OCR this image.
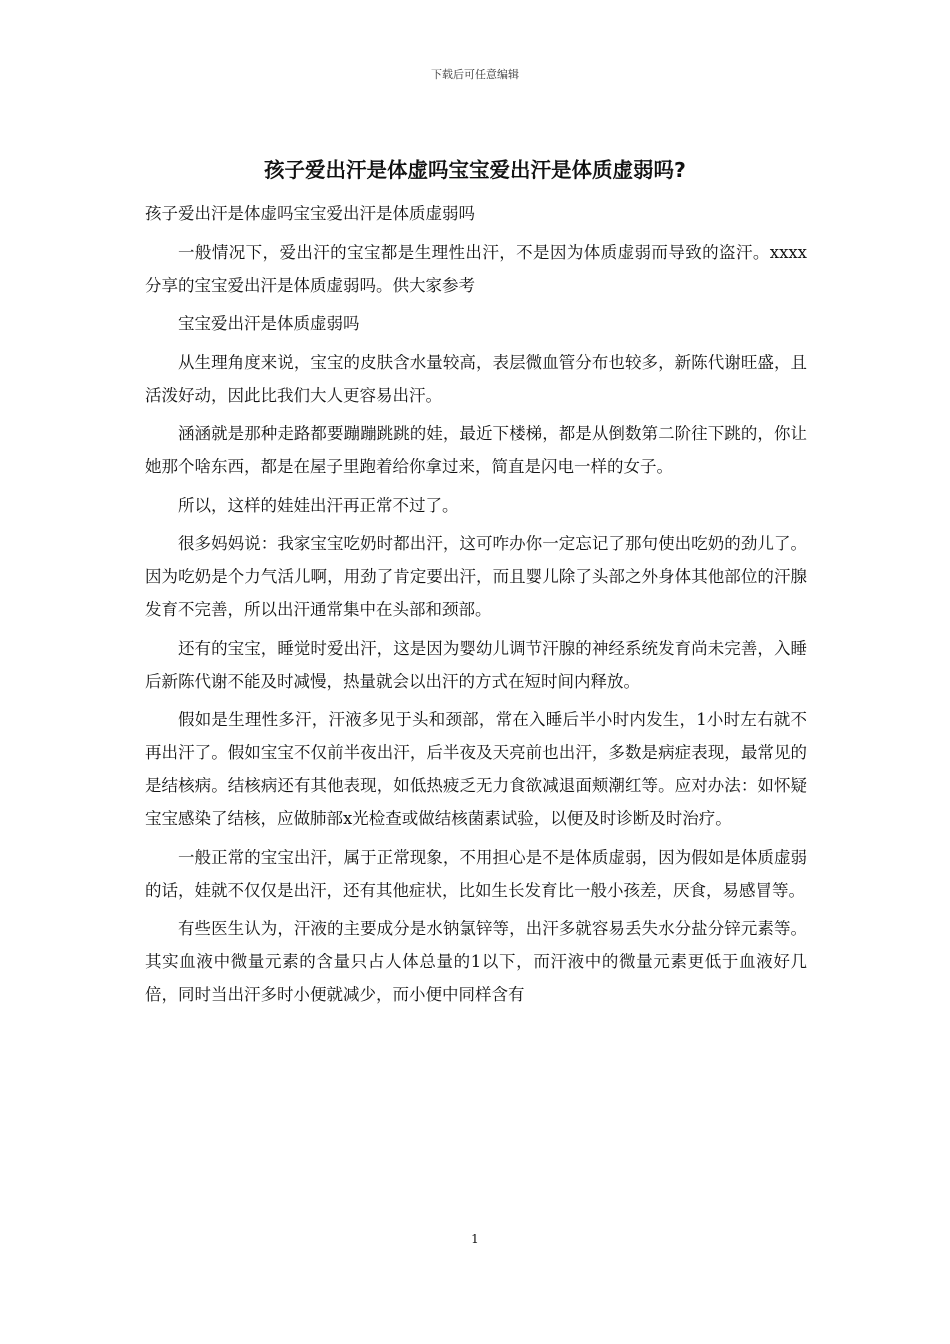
下载后可任意编辑
孩子爱出汗是体虚吗宝宝爱出汗是体质虚弱吗?

孩子爱出汗是体虚吗宝宝爱出汗是体质虚弱吗

一般情况下，爱出汗的宝宝都是生理性出汗，不是因为体质虚弱而导致的盗汗。xxxx分享的宝宝爱出汗是体质虚弱吗。供大家参考

宝宝爱出汗是体质虚弱吗

从生理角度来说，宝宝的皮肤含水量较高，表层微血管分布也较多，新陈代谢旺盛，且活泼好动，因此比我们大人更容易出汗。

涵涵就是那种走路都要蹦蹦跳跳的娃，最近下楼梯，都是从倒数第二阶往下跳的，你让她那个啥东西，都是在屋子里跑着给你拿过来，简直是闪电一样的女子。

所以，这样的娃娃出汗再正常不过了。

很多妈妈说：我家宝宝吃奶时都出汗，这可咋办你一定忘记了那句使出吃奶的劲儿了。因为吃奶是个力气活儿啊，用劲了肯定要出汗，而且婴儿除了头部之外身体其他部位的汗腺发育不完善，所以出汗通常集中在头部和颈部。

还有的宝宝，睡觉时爱出汗，这是因为婴幼儿调节汗腺的神经系统发育尚未完善，入睡后新陈代谢不能及时减慢，热量就会以出汗的方式在短时间内释放。

假如是生理性多汗，汗液多见于头和颈部，常在入睡后半小时内发生，1小时左右就不再出汗了。假如宝宝不仅前半夜出汗，后半夜及天亮前也出汗，多数是病症表现，最常见的是结核病。结核病还有其他表现，如低热疲乏无力食欲减退面颊潮红等。应对办法：如怀疑宝宝感染了结核，应做肺部x光检查或做结核菌素试验，以便及时诊断及时治疗。

一般正常的宝宝出汗，属于正常现象，不用担心是不是体质虚弱，因为假如是体质虚弱的话，娃就不仅仅是出汗，还有其他症状，比如生长发育比一般小孩差，厌食，易感冒等。

有些医生认为，汗液的主要成分是水钠氯锌等，出汗多就容易丢失水分盐分锌元素等。其实血液中微量元素的含量只占人体总量的1以下，而汗液中的微量元素更低于血液好几倍，同时当出汗多时小便就减少，而小便中同样含有

1
